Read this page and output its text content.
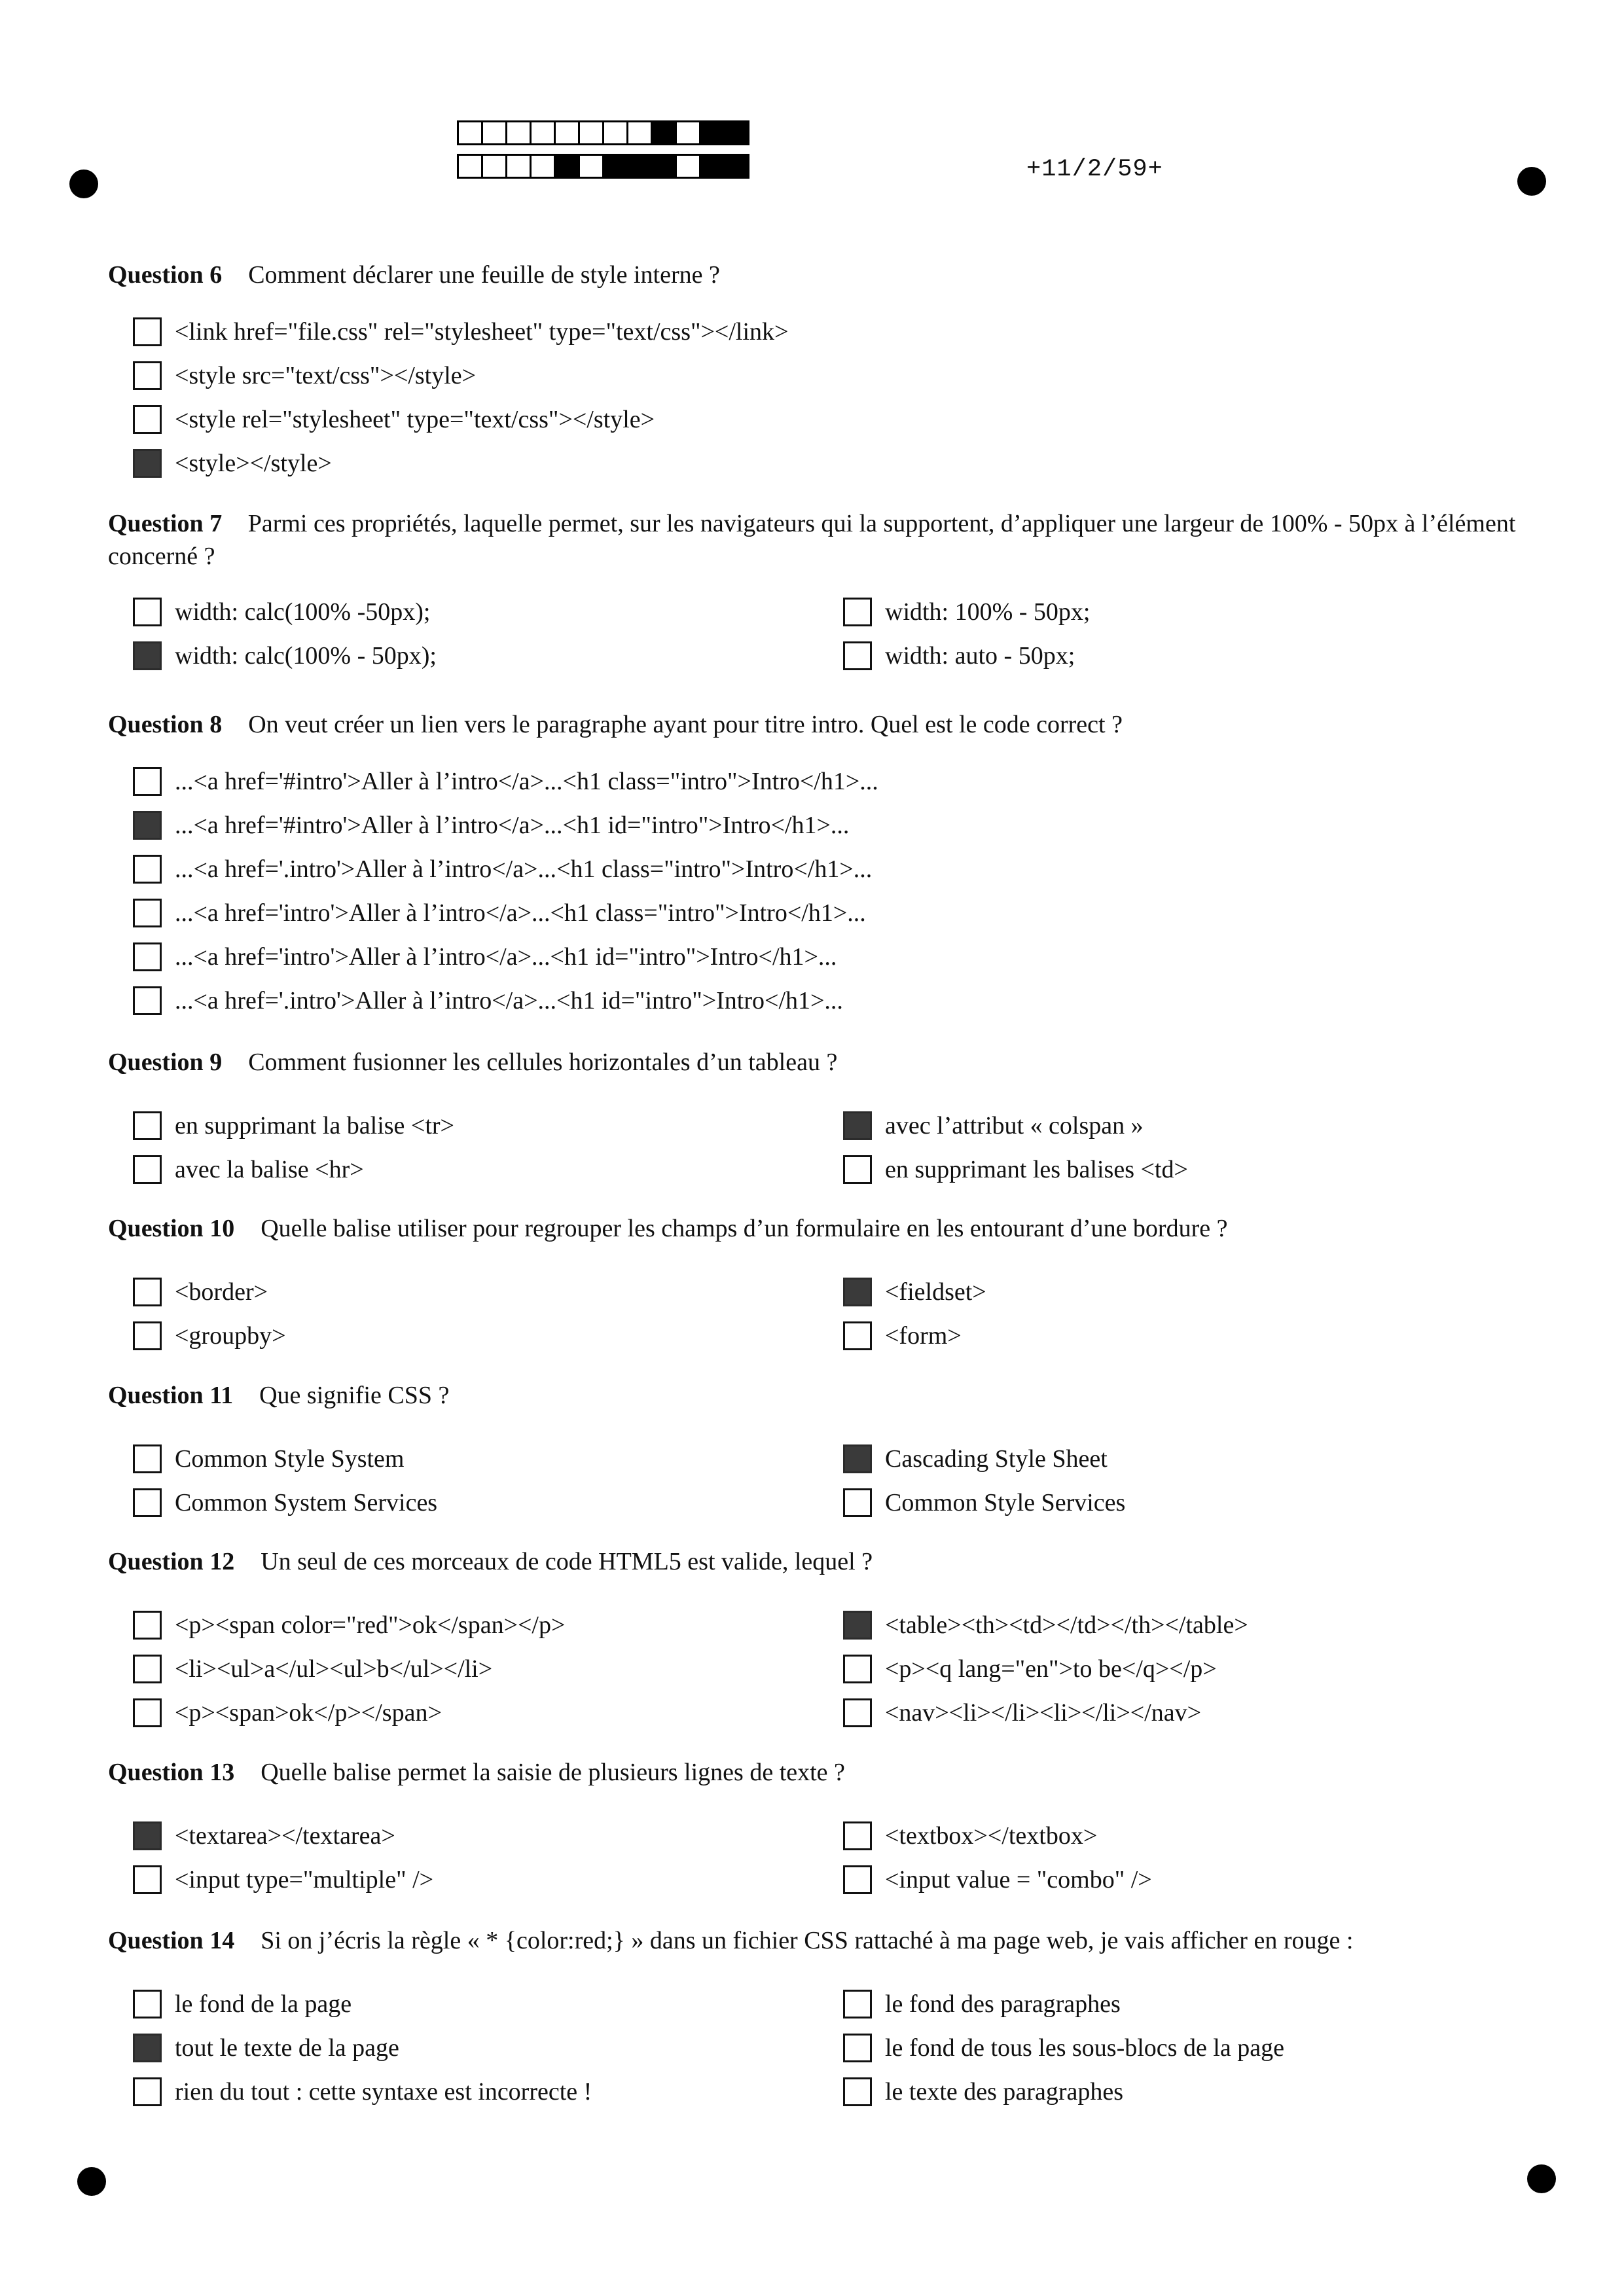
+11/2/59+
Question 6 Comment déclarer une feuille de style interne ?
<link href="file.css" rel="stylesheet" type="text/css"></link>
<style src="text/css"></style>
<style rel="stylesheet" type="text/css"></style>
<style></style>
Question 7 Parmi ces propriétés, laquelle permet, sur les navigateurs qui la supportent, d’appliquer une largeur de 100% - 50px à l’élément concerné ?
width: calc(100% -50px);
width: calc(100% - 50px);
width: 100% - 50px;
width: auto - 50px;
Question 8 On veut créer un lien vers le paragraphe ayant pour titre intro. Quel est le code correct ?
...<a href='#intro'>Aller à l’intro</a>...<h1 class="intro">Intro</h1>...
...<a href='#intro'>Aller à l’intro</a>...<h1 id="intro">Intro</h1>...
...<a href='.intro'>Aller à l’intro</a>...<h1 class="intro">Intro</h1>...
...<a href='intro'>Aller à l’intro</a>...<h1 class="intro">Intro</h1>...
...<a href='intro'>Aller à l’intro</a>...<h1 id="intro">Intro</h1>...
...<a href='.intro'>Aller à l’intro</a>...<h1 id="intro">Intro</h1>...
Question 9 Comment fusionner les cellules horizontales d’un tableau ?
en supprimant la balise <tr>
avec la balise <hr>
avec l’attribut « colspan »
en supprimant les balises <td>
Question 10 Quelle balise utiliser pour regrouper les champs d’un formulaire en les entourant d’une bordure ?
<border>
<groupby>
<fieldset>
<form>
Question 11 Que signifie CSS ?
Common Style System
Common System Services
Cascading Style Sheet
Common Style Services
Question 12 Un seul de ces morceaux de code HTML5 est valide, lequel ?
<p><span color="red">ok</span></p>
<li><ul>a</ul><ul>b</ul></li>
<p><span>ok</p></span>
<table><th><td></td></th></table>
<p><q lang="en">to be</q></p>
<nav><li></li><li></li></nav>
Question 13 Quelle balise permet la saisie de plusieurs lignes de texte ?
<textarea></textarea>
<input type="multiple" />
<textbox></textbox>
<input value = "combo" />
Question 14 Si on j’écris la règle « * {color:red;} » dans un fichier CSS rattaché à ma page web, je vais afficher en rouge :
le fond de la page
tout le texte de la page
rien du tout : cette syntaxe est incorrecte !
le fond des paragraphes
le fond de tous les sous-blocs de la page
le texte des paragraphes
